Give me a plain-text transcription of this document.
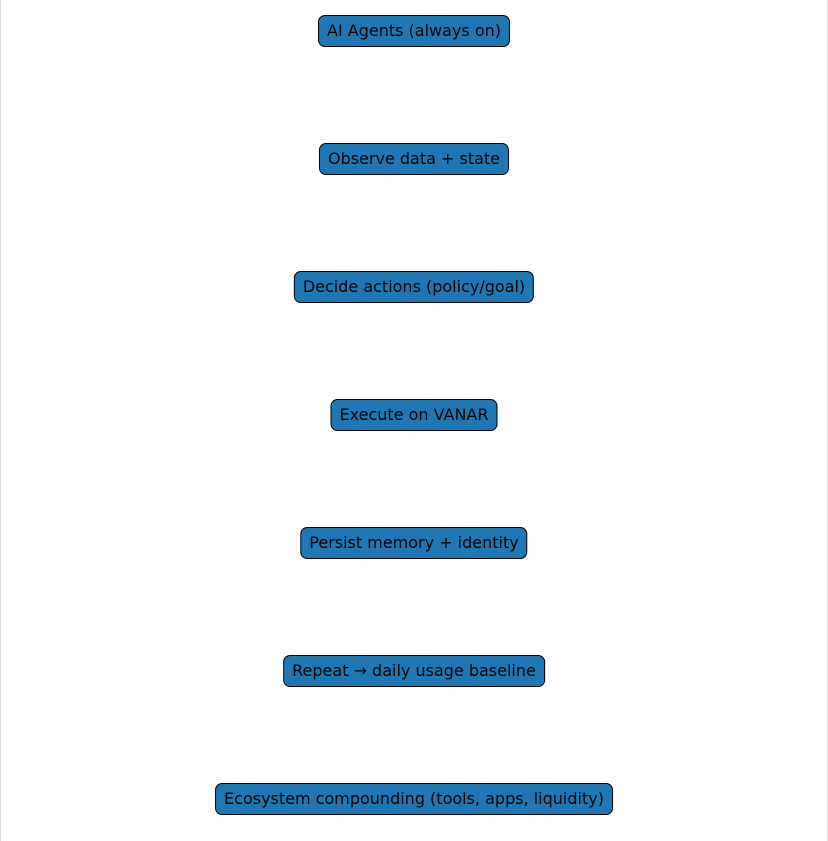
AI Agents (always on)
Observe data + state
Decide actions (policy/goal)
Execute on VANAR
Persist memory + identity
Repeat → daily usage baseline
Ecosystem compounding (tools, apps, liquidity)
